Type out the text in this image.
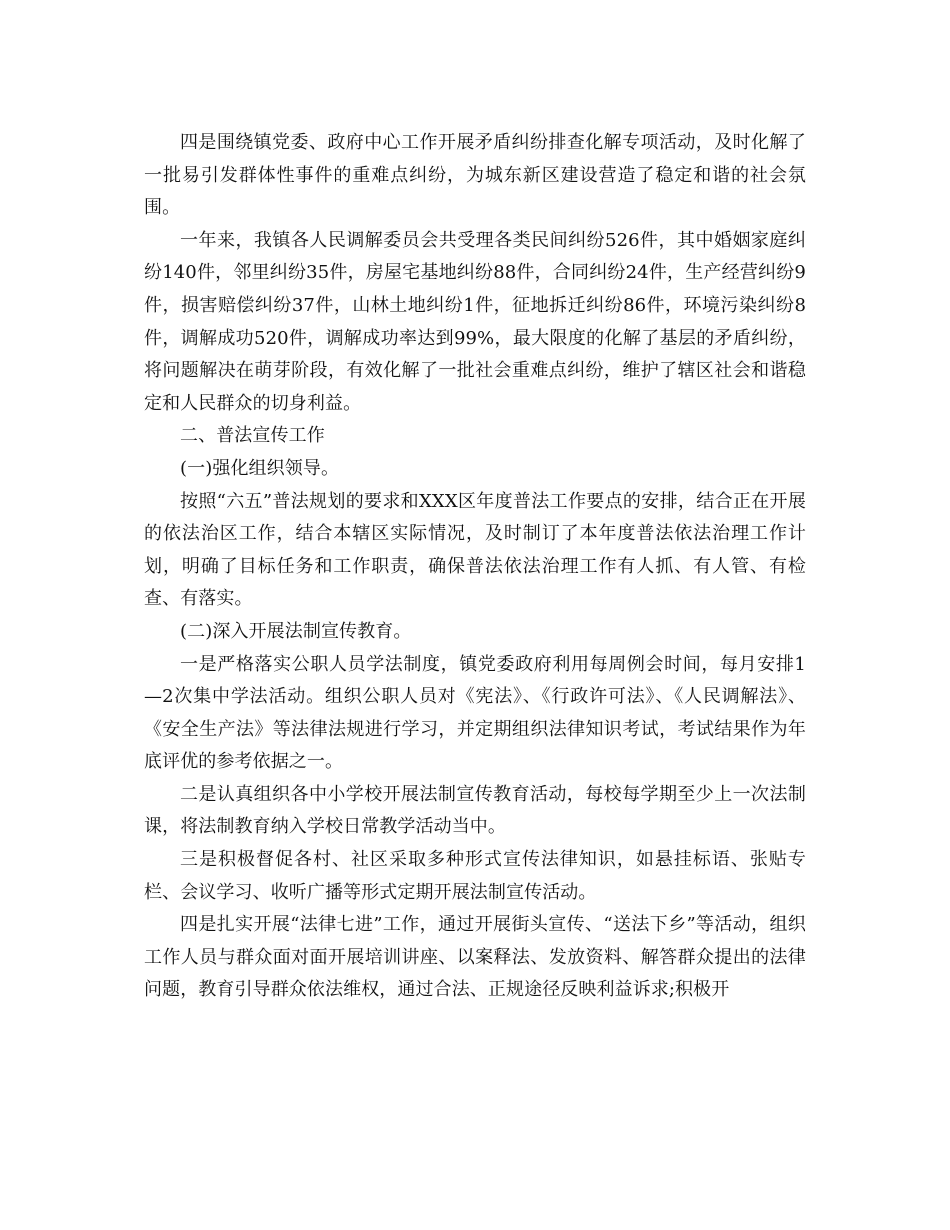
四是围绕镇党委、政府中心工作开展矛盾纠纷排查化解专项活动，及时化解了一批易引发群体性事件的重难点纠纷，为城东新区建设营造了稳定和谐的社会氛围。

一年来，我镇各人民调解委员会共受理各类民间纠纷526件，其中婚姻家庭纠纷140件，邻里纠纷35件，房屋宅基地纠纷88件，合同纠纷24件，生产经营纠纷9件，损害赔偿纠纷37件，山林土地纠纷1件，征地拆迁纠纷86件，环境污染纠纷8件，调解成功520件，调解成功率达到99%，最大限度的化解了基层的矛盾纠纷，将问题解决在萌芽阶段，有效化解了一批社会重难点纠纷，维护了辖区社会和谐稳定和人民群众的切身利益。

二、普法宣传工作

(一)强化组织领导。

按照“六五”普法规划的要求和XXX区年度普法工作要点的安排，结合正在开展的依法治区工作，结合本辖区实际情况，及时制订了本年度普法依法治理工作计划，明确了目标任务和工作职责，确保普法依法治理工作有人抓、有人管、有检查、有落实。

(二)深入开展法制宣传教育。

一是严格落实公职人员学法制度，镇党委政府利用每周例会时间，每月安排1—2次集中学法活动。组织公职人员对《宪法》、《行政许可法》、《人民调解法》、《安全生产法》等法律法规进行学习，并定期组织法律知识考试，考试结果作为年底评优的参考依据之一。

二是认真组织各中小学校开展法制宣传教育活动，每校每学期至少上一次法制课，将法制教育纳入学校日常教学活动当中。

三是积极督促各村、社区采取多种形式宣传法律知识，如悬挂标语、张贴专栏、会议学习、收听广播等形式定期开展法制宣传活动。

四是扎实开展“法律七进”工作，通过开展街头宣传、“送法下乡”等活动，组织工作人员与群众面对面开展培训讲座、以案释法、发放资料、解答群众提出的法律问题，教育引导群众依法维权，通过合法、正规途径反映利益诉求;积极开
